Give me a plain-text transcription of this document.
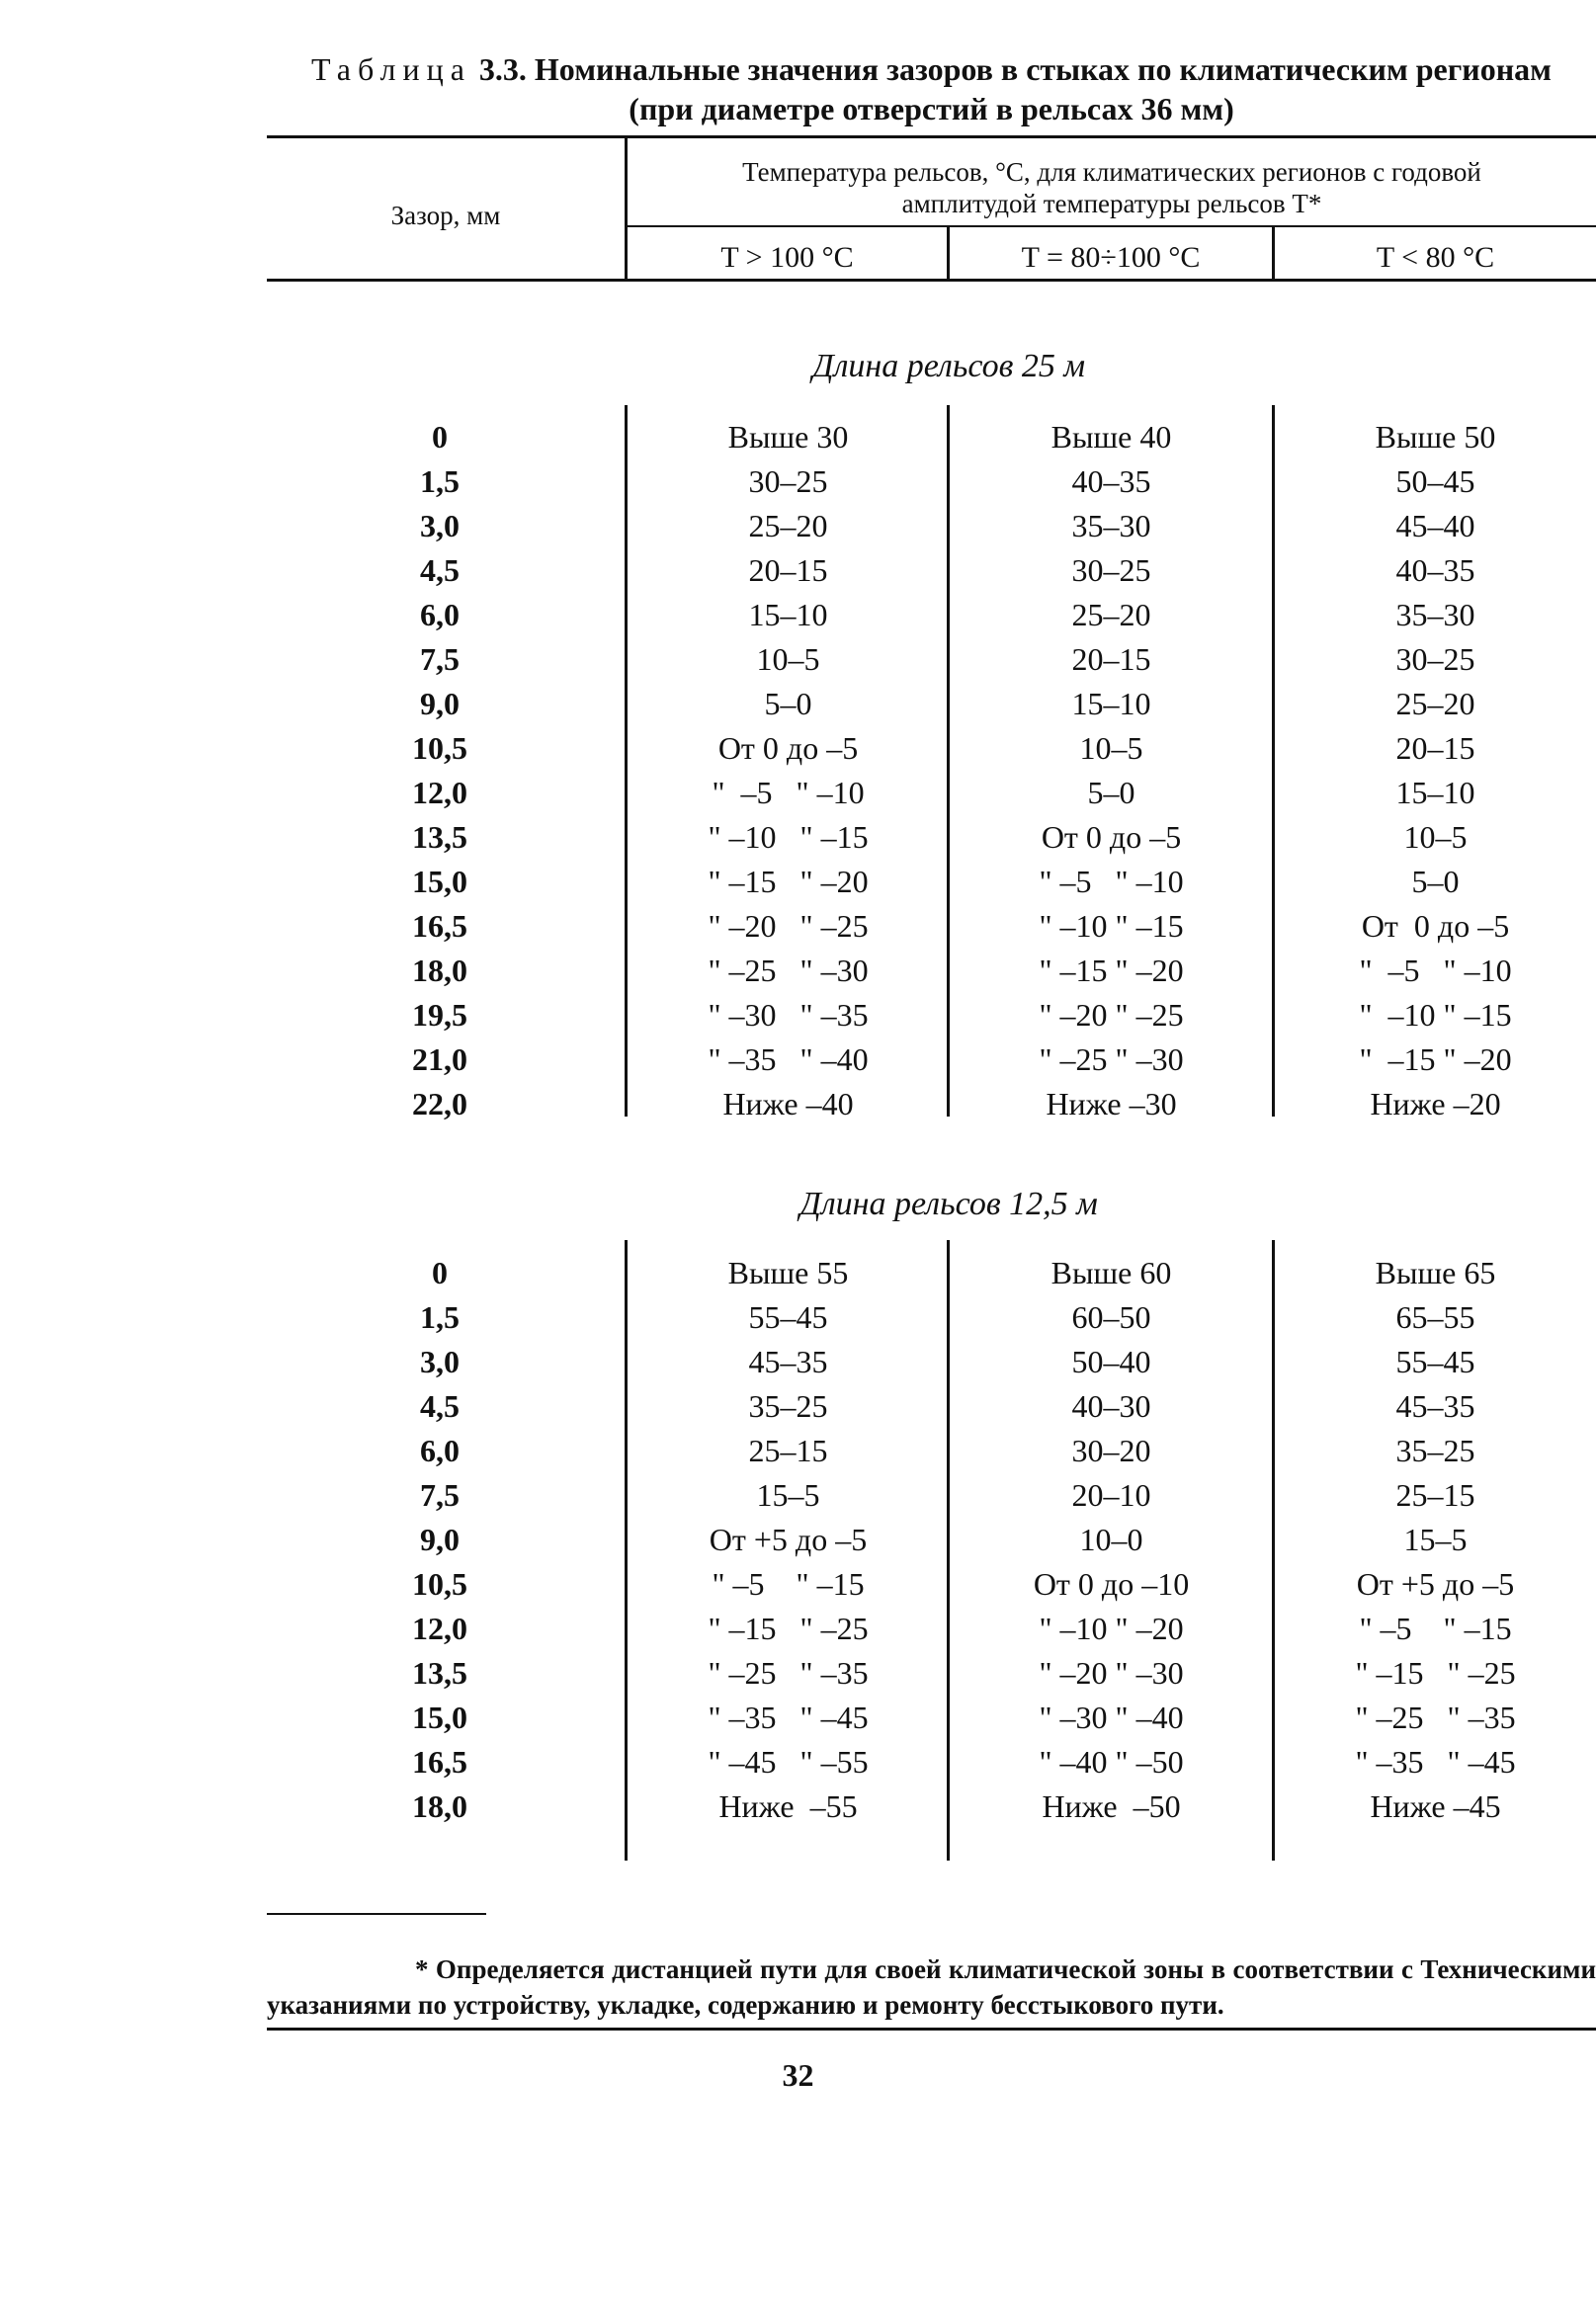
Таблица 3.3. Номинальные значения зазоров в стыках по климатическим регионам
(при диаметре отверстий в рельсах 36 мм)
Зазор, мм
Температура рельсов, °С, для климатических регионов с годовой
амплитудой температуры рельсов T*
T > 100 °C	T = 80÷100 °C	T < 80 °C
Длина рельсов 25 м
0	Выше 30	Выше 40	Выше 50
1,5	30–25	40–35	50–45
3,0	25–20	35–30	45–40
4,5	20–15	30–25	40–35
6,0	15–10	25–20	35–30
7,5	10–5	20–15	30–25
9,0	5–0	15–10	25–20
10,5	От 0 до –5	10–5	20–15
12,0	"  –5   " –10	5–0	15–10
13,5	" –10   " –15	От 0 до –5	10–5
15,0	" –15   " –20	" –5   " –10	5–0
16,5	" –20   " –25	" –10 " –15	От  0 до –5
18,0	" –25   " –30	" –15 " –20	"  –5   " –10
19,5	" –30   " –35	" –20 " –25	"  –10 " –15
21,0	" –35   " –40	" –25 " –30	"  –15 " –20
22,0	Ниже –40	Ниже –30	Ниже –20
Длина рельсов 12,5 м
0	Выше 55	Выше 60	Выше 65
1,5	55–45	60–50	65–55
3,0	45–35	50–40	55–45
4,5	35–25	40–30	45–35
6,0	25–15	30–20	35–25
7,5	15–5	20–10	25–15
9,0	От +5 до –5	10–0	15–5
10,5	" –5    " –15	От 0 до –10	От +5 до –5
12,0	" –15   " –25	" –10 " –20	" –5    " –15
13,5	" –25   " –35	" –20 " –30	" –15   " –25
15,0	" –35   " –45	" –30 " –40	" –25   " –35
16,5	" –45   " –55	" –40 " –50	" –35   " –45
18,0	Ниже  –55	Ниже  –50	Ниже –45
* Определяется дистанцией пути для своей климатической зоны в соответствии с Техническими указаниями по устройству, укладке, содержанию и ремонту бесстыкового пути.
32
